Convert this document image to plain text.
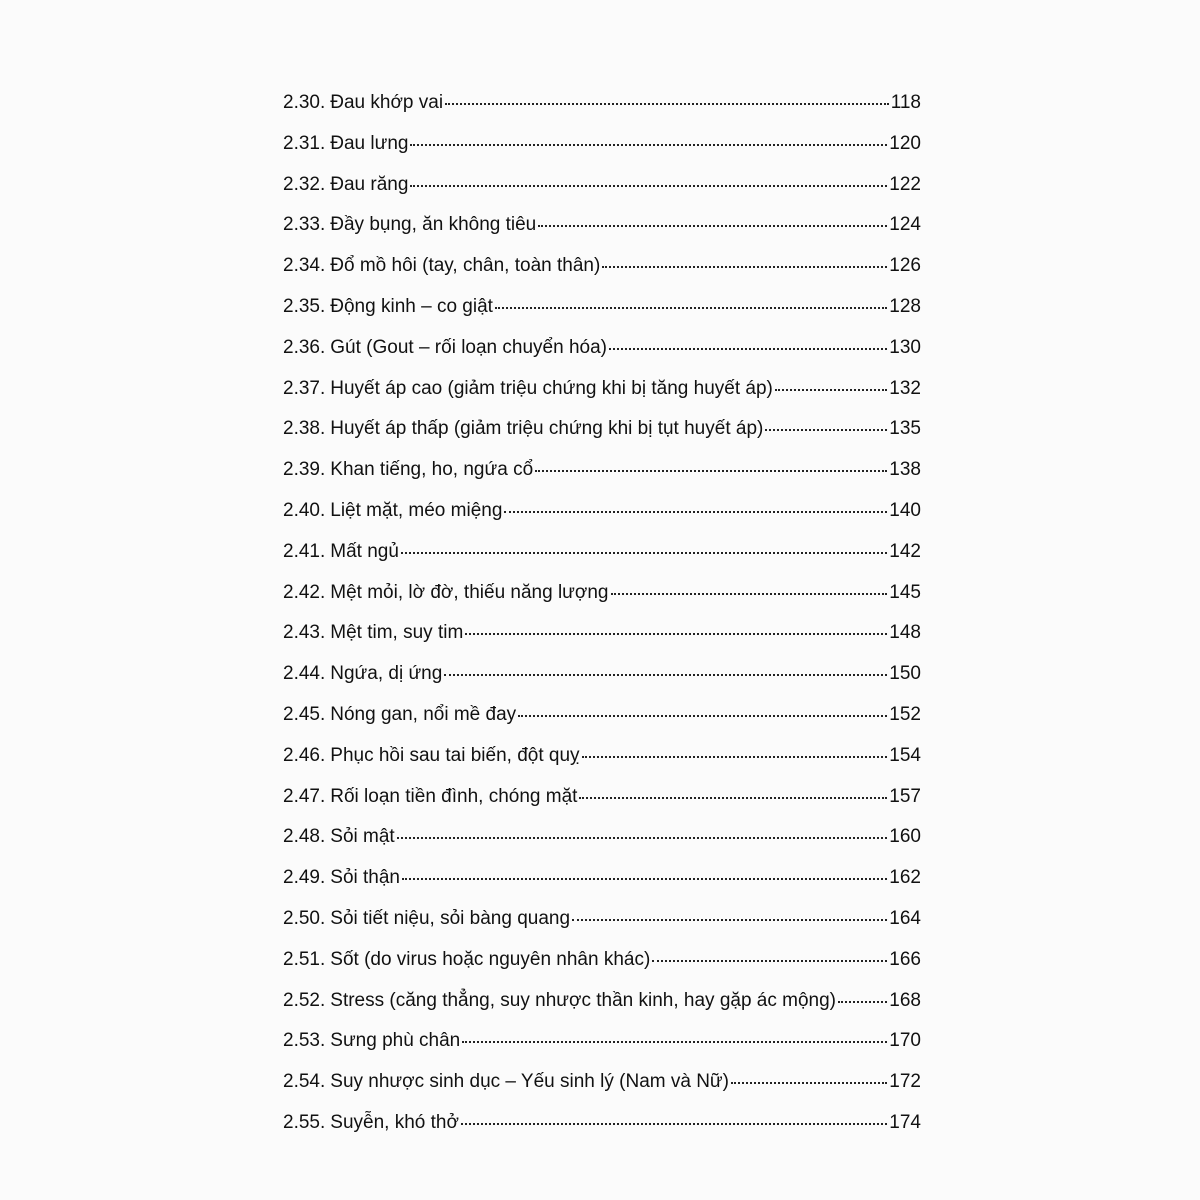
2.30. Đau khớp vai	118
2.31. Đau lưng	120
2.32. Đau răng	122
2.33. Đầy bụng, ăn không tiêu	124
2.34. Đổ mồ hôi (tay, chân, toàn thân)	126
2.35. Động kinh – co giật	128
2.36. Gút (Gout – rối loạn chuyển hóa)	130
2.37. Huyết áp cao (giảm triệu chứng khi bị tăng huyết áp)	132
2.38. Huyết áp thấp (giảm triệu chứng khi bị tụt huyết áp)	135
2.39. Khan tiếng, ho, ngứa cổ	138
2.40. Liệt mặt, méo miệng	140
2.41. Mất ngủ	142
2.42. Mệt mỏi, lờ đờ, thiếu năng lượng	145
2.43. Mệt tim, suy tim	148
2.44. Ngứa, dị ứng	150
2.45. Nóng gan, nổi mề đay	152
2.46. Phục hồi sau tai biến, đột quỵ	154
2.47. Rối loạn tiền đình, chóng mặt	157
2.48. Sỏi mật	160
2.49. Sỏi thận	162
2.50. Sỏi tiết niệu, sỏi bàng quang	164
2.51. Sốt (do virus hoặc nguyên nhân khác)	166
2.52. Stress (căng thẳng, suy nhược thần kinh, hay gặp ác mộng)	168
2.53. Sưng phù chân	170
2.54. Suy nhược sinh dục – Yếu sinh lý (Nam và Nữ)	172
2.55. Suyễn, khó thở	174
